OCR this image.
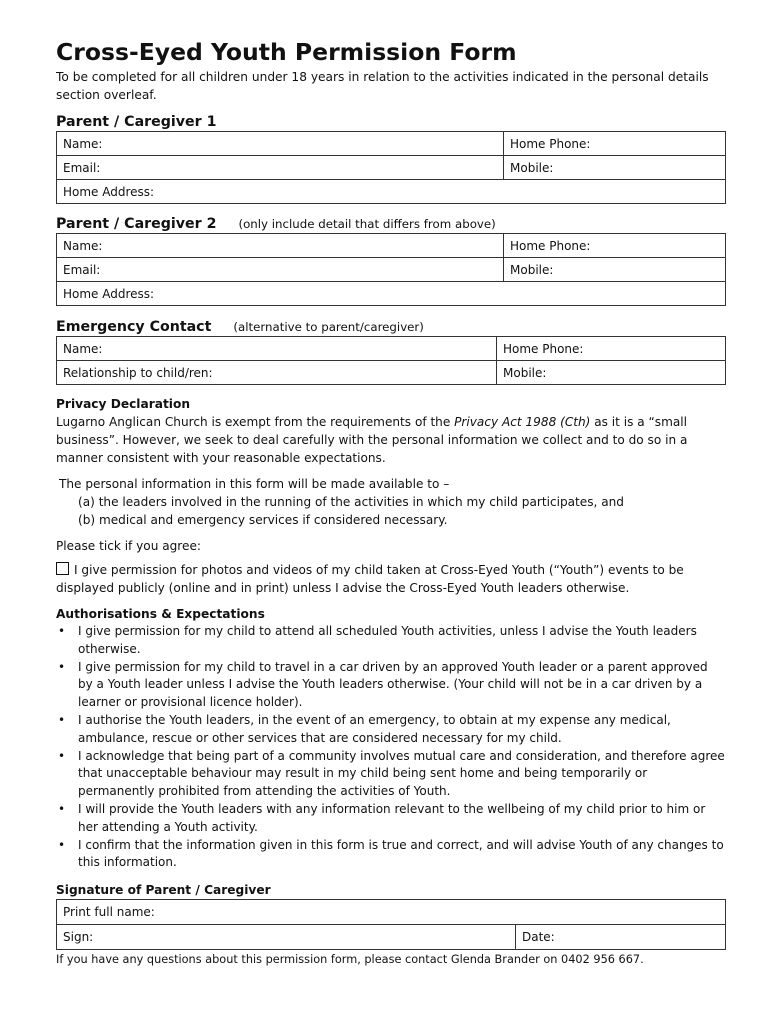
Cross-Eyed Youth Permission Form
To be completed for all children under 18 years in relation to the activities indicated in the personal details section overleaf.
Parent / Caregiver 1
Name:	Home Phone:
Email:	Mobile:
Home Address:	
Parent / Caregiver 2 (only include detail that differs from above)
Name:	Home Phone:
Email:	Mobile:
Home Address:	
Emergency Contact (alternative to parent/caregiver)
Name:	Home Phone:
Relationship to child/ren:	Mobile:
Privacy Declaration
Lugarno Anglican Church is exempt from the requirements of the Privacy Act 1988 (Cth) as it is a “small business”. However, we seek to deal carefully with the personal information we collect and to do so in a manner consistent with your reasonable expectations.
The personal information in this form will be made available to –
(a) the leaders involved in the running of the activities in which my child participates, and
(b) medical and emergency services if considered necessary.
Please tick if you agree:
I give permission for photos and videos of my child taken at Cross-Eyed Youth (“Youth”) events to be displayed publicly (online and in print) unless I advise the Cross-Eyed Youth leaders otherwise.
Authorisations & Expectations
• I give permission for my child to attend all scheduled Youth activities, unless I advise the Youth leaders otherwise.
• I give permission for my child to travel in a car driven by an approved Youth leader or a parent approved by a Youth leader unless I advise the Youth leaders otherwise. (Your child will not be in a car driven by a learner or provisional licence holder).
• I authorise the Youth leaders, in the event of an emergency, to obtain at my expense any medical, ambulance, rescue or other services that are considered necessary for my child.
• I acknowledge that being part of a community involves mutual care and consideration, and therefore agree that unacceptable behaviour may result in my child being sent home and being temporarily or permanently prohibited from attending the activities of Youth.
• I will provide the Youth leaders with any information relevant to the wellbeing of my child prior to him or her attending a Youth activity.
• I confirm that the information given in this form is true and correct, and will advise Youth of any changes to this information.
Signature of Parent / Caregiver
Print full name:
Sign:	Date:
If you have any questions about this permission form, please contact Glenda Brander on 0402 956 667.
